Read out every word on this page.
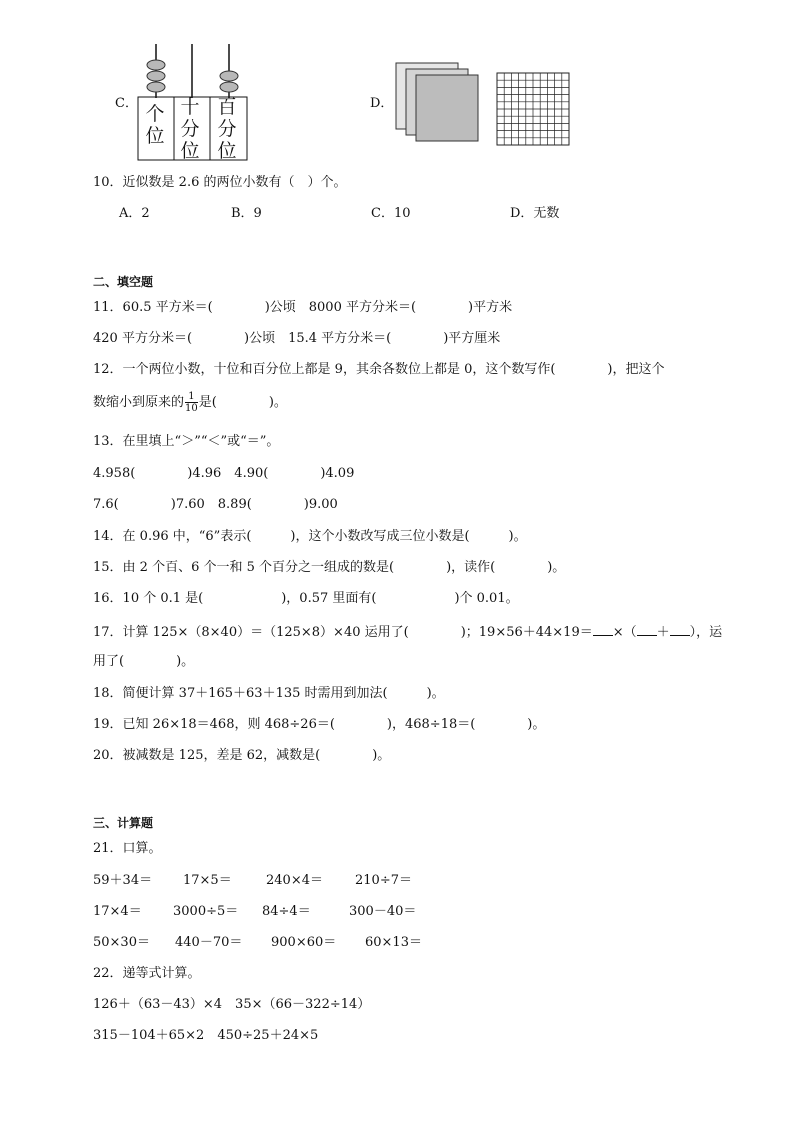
C． 个
位
十
分
位
百
分
位
D．
10．近似数是 2.6 的两位小数有（　）个。
A．2	B．9	C．10	D．无数
二、填空题
11．60.5 平方米＝(　　　　)公顷　8000 平方分米＝(　　　　)平方米
420 平方分米＝(　　　　)公顷　15.4 平方分米＝(　　　　)平方厘米
12．一个两位小数，十位和百分位上都是 9，其余各数位上都是 0，这个数写作(　　　　)，把这个
数缩小到原来的 $\frac{1}{10}$ 是(　　　　)。
13．在里填上“＞”“＜”或“＝”。
4.958(　　　　)4.96　4.90(　　　　)4.09
7.6(　　　　)7.60　8.89(　　　　)9.00
14．在 0.96 中，“6”表示(　　　)，这个小数改写成三位小数是(　　　)。
15．由 2 个百、6 个一和 5 个百分之一组成的数是(　　　　)，读作(　　　　)。
16．10 个 0.1 是(　　　　　　)，0.57 里面有(　　　　　　)个 0.01。
17．计算 125×（8×40）＝（125×8）×40 运用了(　　　　)；19×56＋44×19＝ ×（ ＋ ），运
用了(　　　　)。
18．简便计算 37＋165＋63＋135 时需用到加法(　　　)。
19．已知 26×18＝468，则 468÷26＝(　　　　)，468÷18＝(　　　　)。
20．被减数是 125，差是 62，减数是(　　　　)。
三、计算题
21．口算。
59＋34＝ 17×5＝	240×4＝ 210÷7＝
17×4＝ 3000÷5＝ 84÷4＝	300－40＝
50×30＝ 440－70＝ 900×60＝ 60×13＝
22．递等式计算。
126＋（63－43）×4　35×（66－322÷14）
315－104＋65×2　450÷25＋24×5
